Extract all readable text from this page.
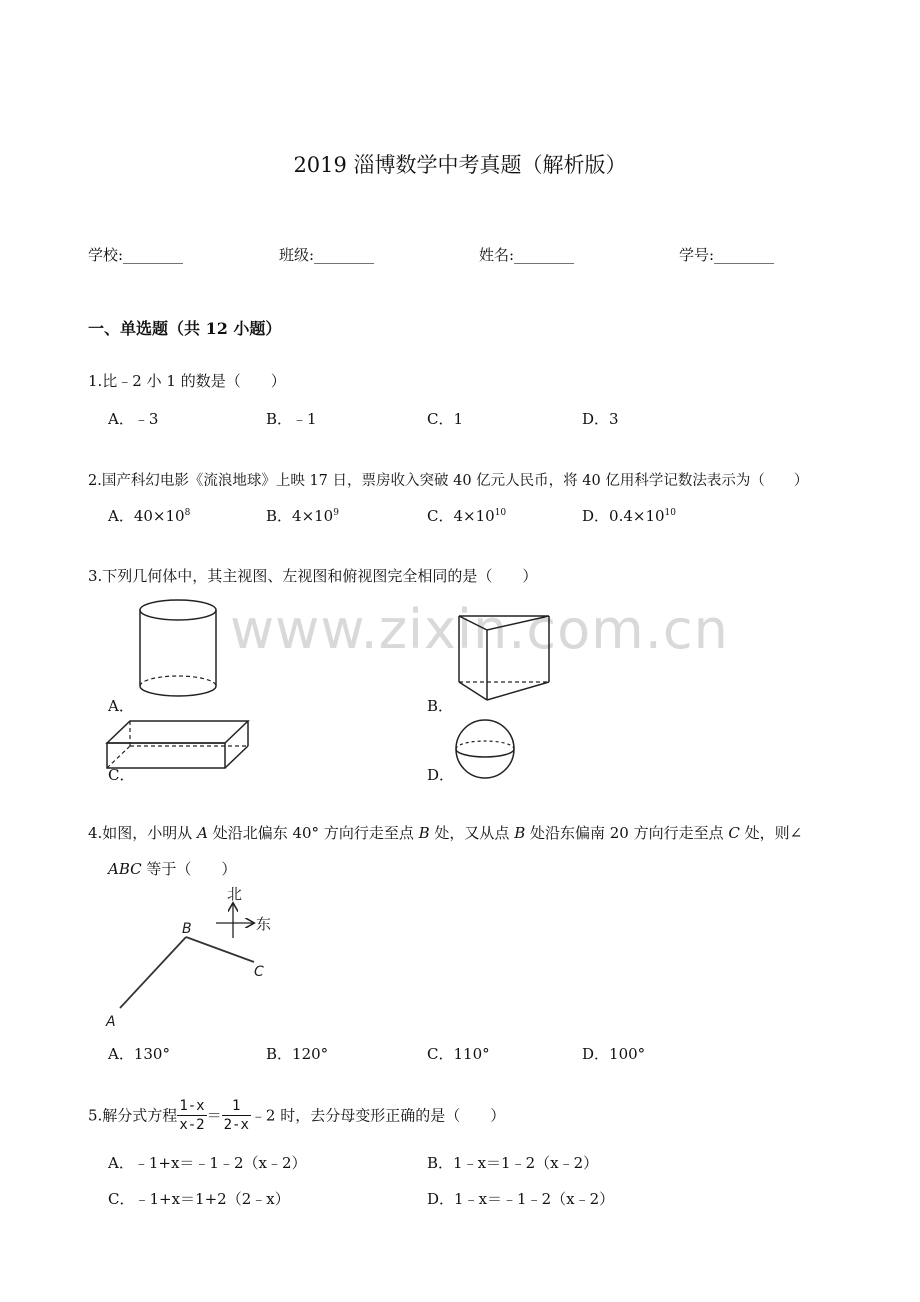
www.zixin.com.cn
2019 淄博数学中考真题（解析版）
学校:________	班级:________	姓名:________	学号:________
一、单选题（共 12 小题）
1.比﹣2 小 1 的数是（　　）
A．﹣3	B．﹣1	C．1	D．3
2.国产科幻电影《流浪地球》上映 17 日，票房收入突破 40 亿元人民币，将 40 亿用科学记数法表示为（　　）
A．$40\times 10^8$	B．$4\times 10^9$	C．$4\times 10^{10}$	D．$0.4\times 10^{10}$
3.下列几何体中，其主视图、左视图和俯视图完全相同的是（　　）
A．	B．
C．	D．
4.如图，小明从 A 处沿北偏东 40° 方向行走至点 B 处，又从点 B 处沿东偏南 20 方向行走至点 C 处，则∠
ABC 等于（　　）
北
东
A
B
C
A．130°	B．120°	C．110°	D．100°
5.解分式方程 $\frac{1-x}{x-2} = \frac{1}{2-x}$ ﹣2 时，去分母变形正确的是（　　）
A．﹣1+x＝﹣1﹣2（x﹣2）	B．1﹣x＝1﹣2（x﹣2）
C．﹣1+x＝1+2（2﹣x）	D．1﹣x＝﹣1﹣2（x﹣2）
